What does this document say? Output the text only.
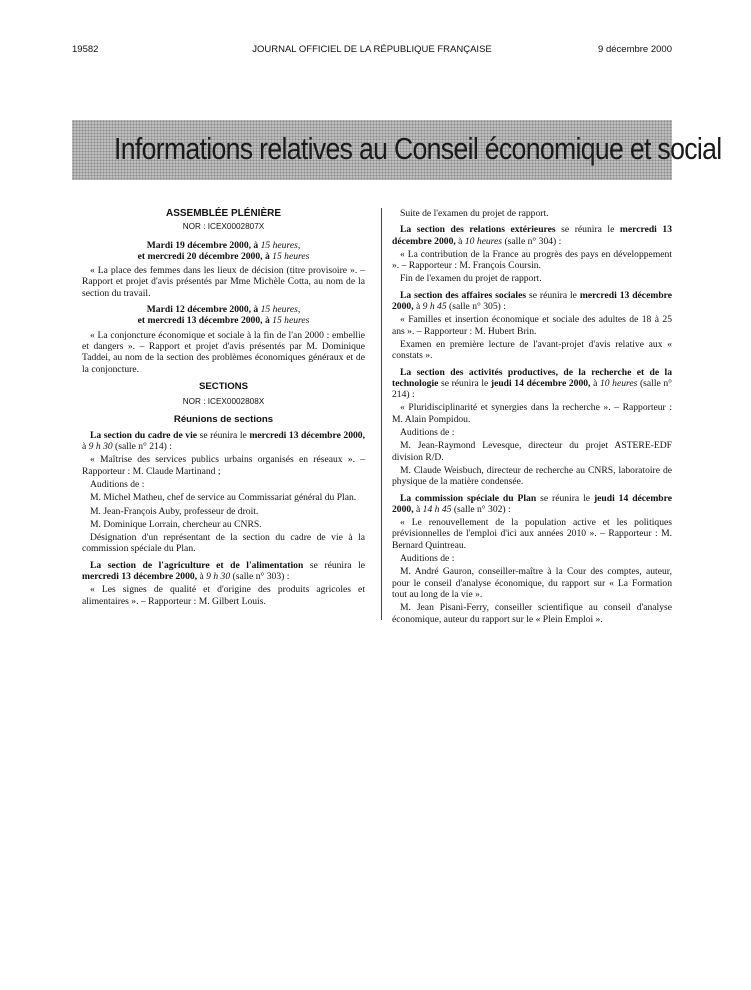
19582	JOURNAL OFFICIEL DE LA RÉPUBLIQUE FRANÇAISE	9 décembre 2000
Informations relatives au Conseil économique et social
ASSEMBLÉE PLÉNIÈRE
NOR : ICEX0002807X

Mardi 19 décembre 2000, à 15 heures,

et mercredi 20 décembre 2000, à 15 heures

« La place des femmes dans les lieux de décision (titre provisoire ». – Rapport et projet d'avis présentés par Mme Michèle Cotta, au nom de la section du travail.

Mardi 12 décembre 2000, à 15 heures,

et mercredi 13 décembre 2000, à 15 heures

« La conjoncture économique et sociale à la fin de l'an 2000 : embellie et dangers ». – Rapport et projet d'avis présentés par M. Dominique Taddei, au nom de la section des problèmes économiques généraux et de la conjoncture.

SECTIONS
NOR : ICEX0002808X
Réunions de sections

La section du cadre de vie se réunira le mercredi 13 décembre 2000, à 9 h 30 (salle n° 214) :

« Maîtrise des services publics urbains organisés en réseaux ». – Rapporteur : M. Claude Martinand ;

Auditions de :

M. Michel Matheu, chef de service au Commissariat général du Plan.

M. Jean-François Auby, professeur de droit.

M. Dominique Lorrain, chercheur au CNRS.

Désignation d'un représentant de la section du cadre de vie à la commission spéciale du Plan.

La section de l'agriculture et de l'alimentation se réunira le mercredi 13 décembre 2000, à 9 h 30 (salle n° 303) :

« Les signes de qualité et d'origine des produits agricoles et alimentaires ». – Rapporteur : M. Gilbert Louis.

Suite de l'examen du projet de rapport.

La section des relations extérieures se réunira le mercredi 13 décembre 2000, à 10 heures (salle n° 304) :

« La contribution de la France au progrès des pays en développement ». – Rapporteur : M. François Coursin.

Fin de l'examen du projet de rapport.

La section des affaires sociales se réunira le mercredi 13 décembre 2000, à 9 h 45 (salle n° 305) :

« Familles et insertion économique et sociale des adultes de 18 à 25 ans ». – Rapporteur : M. Hubert Brin.

Examen en première lecture de l'avant-projet d'avis relative aux « constats ».

La section des activités productives, de la recherche et de la technologie se réunira le jeudi 14 décembre 2000, à 10 heures (salle n° 214) :

« Pluridisciplinarité et synergies dans la recherche ». – Rapporteur : M. Alain Pompidou.

Auditions de :

M. Jean-Raymond Levesque, directeur du projet ASTERE-EDF division R/D.

M. Claude Weisbuch, directeur de recherche au CNRS, laboratoire de physique de la matière condensée.

La commission spéciale du Plan se réunira le jeudi 14 décembre 2000, à 14 h 45 (salle n° 302) :

« Le renouvellement de la population active et les politiques prévisionnelles de l'emploi d'ici aux années 2010 ». – Rapporteur : M. Bernard Quintreau.

Auditions de :

M. André Gauron, conseiller-maître à la Cour des comptes, auteur, pour le conseil d'analyse économique, du rapport sur « La Formation tout au long de la vie ».

M. Jean Pisani-Ferry, conseiller scientifique au conseil d'analyse économique, auteur du rapport sur le « Plein Emploi ».
